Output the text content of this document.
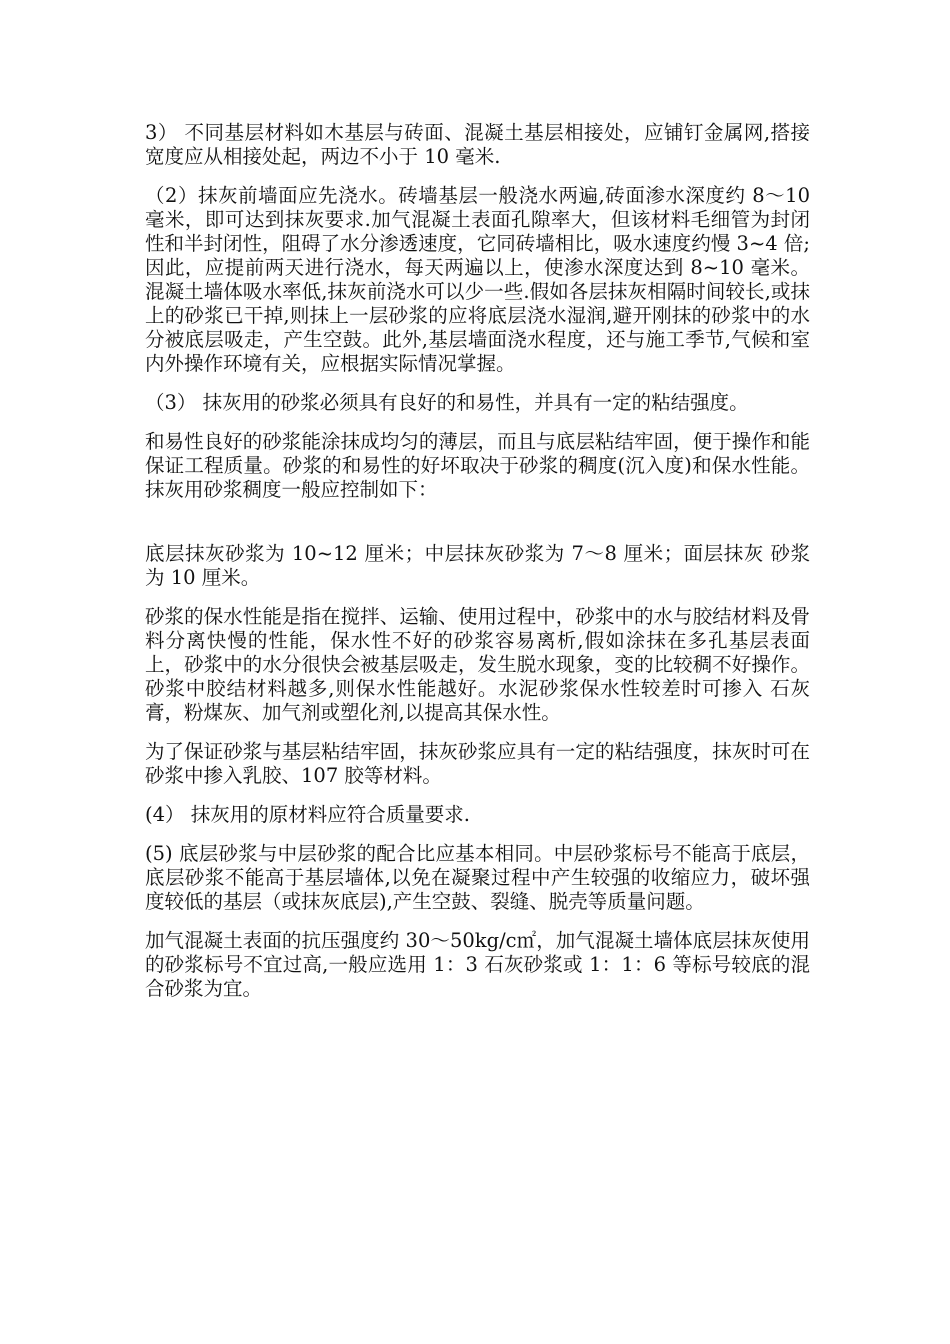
3） 不同基层材料如木基层与砖面、混凝土基层相接处，应铺钉金属网,搭接宽度应从相接处起，两边不小于 10 毫米.

（2）抹灰前墙面应先浇水。砖墙基层一般浇水两遍,砖面渗水深度约 8～10 毫米，即可达到抹灰要求.加气混凝土表面孔隙率大，但该材料毛细管为封闭性和半封闭性，阻碍了水分渗透速度，它同砖墙相比，吸水速度约慢 3~4 倍;因此，应提前两天进行浇水，每天两遍以上，使渗水深度达到 8~10 毫米。混凝土墙体吸水率低,抹灰前浇水可以少一些.假如各层抹灰相隔时间较长,或抹上的砂浆已干掉,则抹上一层砂浆的应将底层浇水湿润,避开刚抹的砂浆中的水分被底层吸走，产生空鼓。此外,基层墙面浇水程度，还与施工季节,气候和室内外操作环境有关，应根据实际情况掌握。

（3） 抹灰用的砂浆必须具有良好的和易性，并具有一定的粘结强度。

和易性良好的砂浆能涂抹成均匀的薄层，而且与底层粘结牢固，便于操作和能保证工程质量。砂浆的和易性的好坏取决于砂浆的稠度(沉入度)和保水性能。抹灰用砂浆稠度一般应控制如下：

底层抹灰砂浆为 10~12 厘米；中层抹灰砂浆为 7～8 厘米；面层抹灰 砂浆为 10 厘米。

砂浆的保水性能是指在搅拌、运输、使用过程中，砂浆中的水与胶结材料及骨料分离快慢的性能，保水性不好的砂浆容易离析,假如涂抹在多孔基层表面上，砂浆中的水分很快会被基层吸走，发生脱水现象，变的比较稠不好操作。砂浆中胶结材料越多,则保水性能越好。水泥砂浆保水性较差时可掺入 石灰膏，粉煤灰、加气剂或塑化剂,以提高其保水性。

为了保证砂浆与基层粘结牢固，抹灰砂浆应具有一定的粘结强度，抹灰时可在砂浆中掺入乳胶、107 胶等材料。

(4） 抹灰用的原材料应符合质量要求.

(5) 底层砂浆与中层砂浆的配合比应基本相同。中层砂浆标号不能高于底层，底层砂浆不能高于基层墙体,以免在凝聚过程中产生较强的收缩应力，破坏强度较低的基层（或抹灰底层),产生空鼓、裂缝、脱壳等质量问题。

加气混凝土表面的抗压强度约 30～50kg/c㎡，加气混凝土墙体底层抹灰使用的砂浆标号不宜过高,一般应选用 1：3 石灰砂浆或 1：1：6 等标号较底的混合砂浆为宜。
